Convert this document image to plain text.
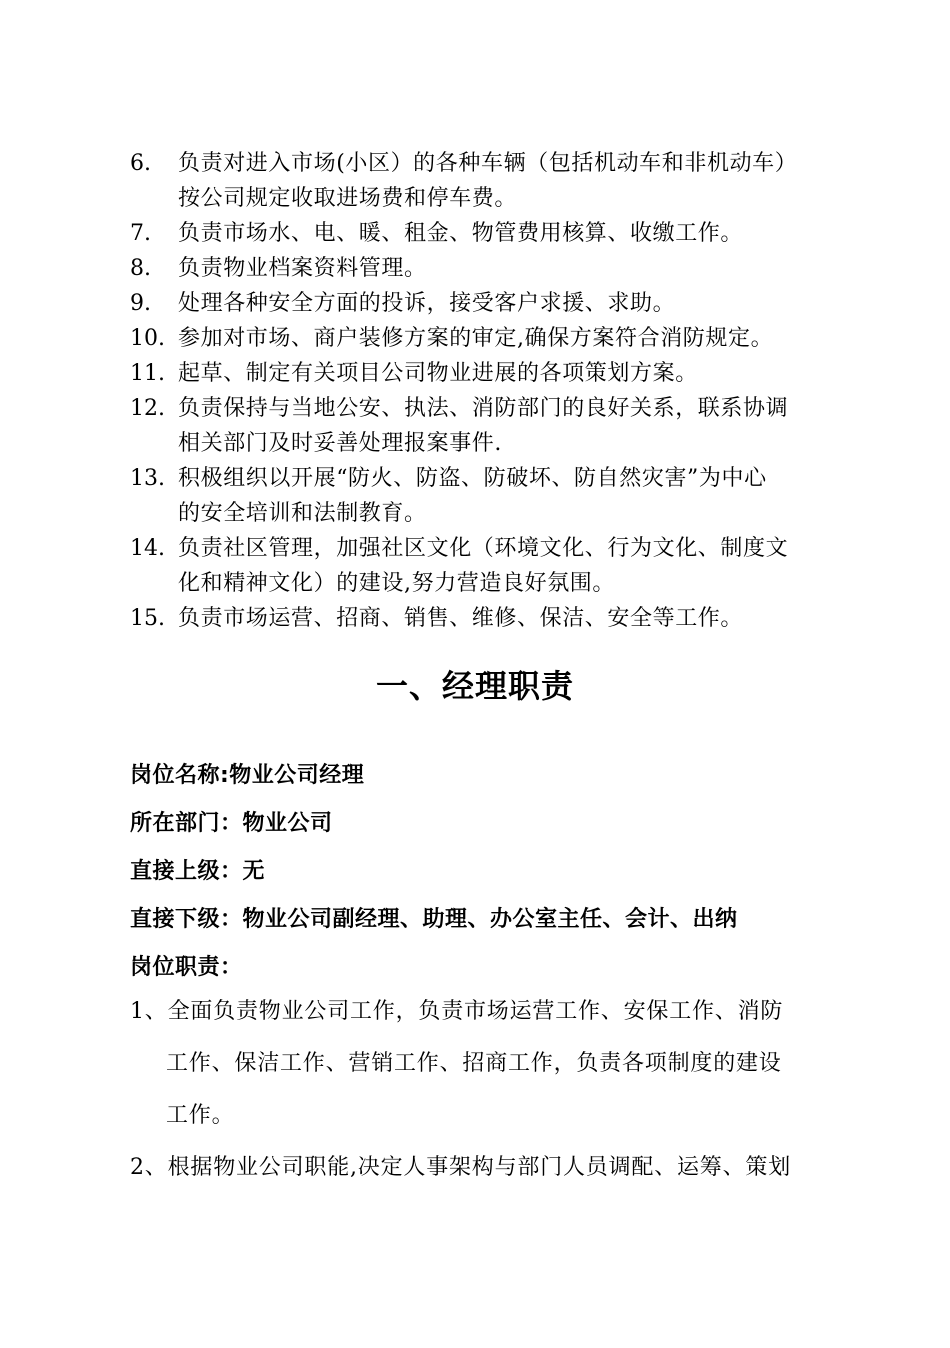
6.	负责对进入市场(小区）的各种车辆（包括机动车和非机动车）
按公司规定收取进场费和停车费。
7.	负责市场水、电、暖、租金、物管费用核算、收缴工作。
8.	负责物业档案资料管理。
9.	处理各种安全方面的投诉，接受客户求援、求助。
10. 参加对市场、商户装修方案的审定,确保方案符合消防规定。
11. 起草、制定有关项目公司物业进展的各项策划方案。
12. 负责保持与当地公安、执法、消防部门的良好关系，联系协调
相关部门及时妥善处理报案事件.
13. 积极组织以开展“防火、防盗、防破坏、防自然灾害”为中心
的安全培训和法制教育。
14. 负责社区管理，加强社区文化（环境文化、行为文化、制度文
化和精神文化）的建设,努力营造良好氛围。
15. 负责市场运营、招商、销售、维修、保洁、安全等工作。
一、经理职责
岗位名称:物业公司经理
所在部门：物业公司
直接上级：无
直接下级：物业公司副经理、助理、办公室主任、会计、出纳
岗位职责：
1、全面负责物业公司工作，负责市场运营工作、安保工作、消防
工作、保洁工作、营销工作、招商工作，负责各项制度的建设
工作。
2、根据物业公司职能,决定人事架构与部门人员调配、运筹、策划
